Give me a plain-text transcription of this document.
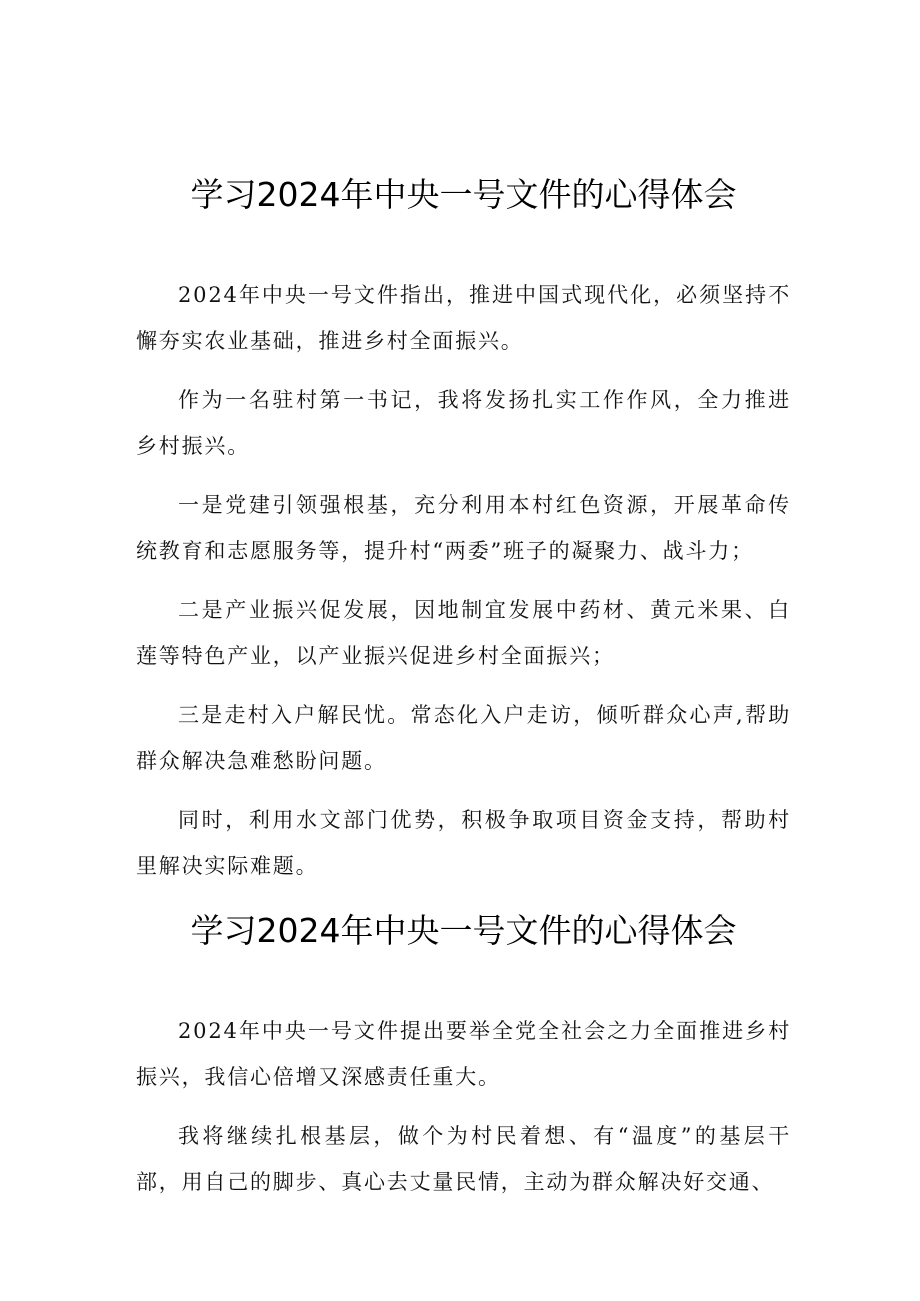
学习2024年中央一号文件的心得体会

2024年中央一号文件指出，推进中国式现代化，必须坚持不懈夯实农业基础，推进乡村全面振兴。

作为一名驻村第一书记，我将发扬扎实工作作风，全力推进乡村振兴。

一是党建引领强根基，充分利用本村红色资源，开展革命传统教育和志愿服务等，提升村“两委”班子的凝聚力、战斗力；

二是产业振兴促发展，因地制宜发展中药材、黄元米果、白莲等特色产业，以产业振兴促进乡村全面振兴；

三是走村入户解民忧。常态化入户走访，倾听群众心声,帮助群众解决急难愁盼问题。

同时，利用水文部门优势，积极争取项目资金支持，帮助村里解决实际难题。

学习2024年中央一号文件的心得体会

2024年中央一号文件提出要举全党全社会之力全面推进乡村振兴，我信心倍增又深感责任重大。

我将继续扎根基层，做个为村民着想、有“温度”的基层干部，用自己的脚步、真心去丈量民情，主动为群众解决好交通、
